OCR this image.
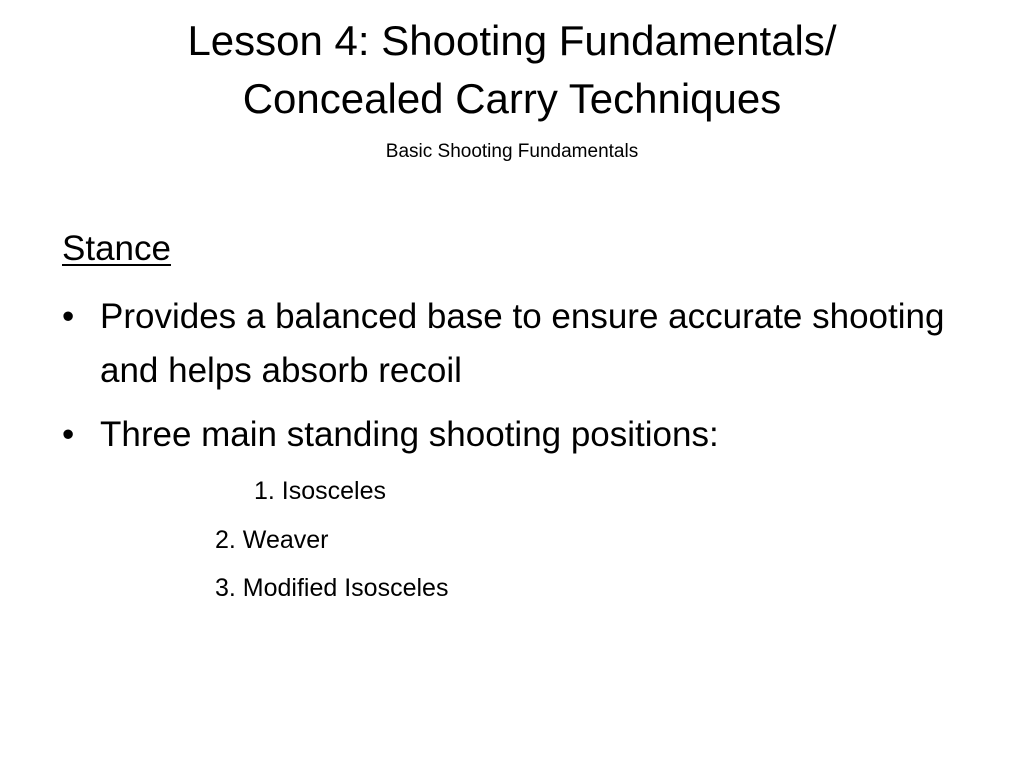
Lesson 4: Shooting Fundamentals/
Concealed Carry Techniques

Basic Shooting Fundamentals

Stance

• Provides a balanced base to ensure accurate shooting and helps absorb recoil
• Three main standing shooting positions:

1. Isosceles

2. Weaver

3. Modified Isosceles
